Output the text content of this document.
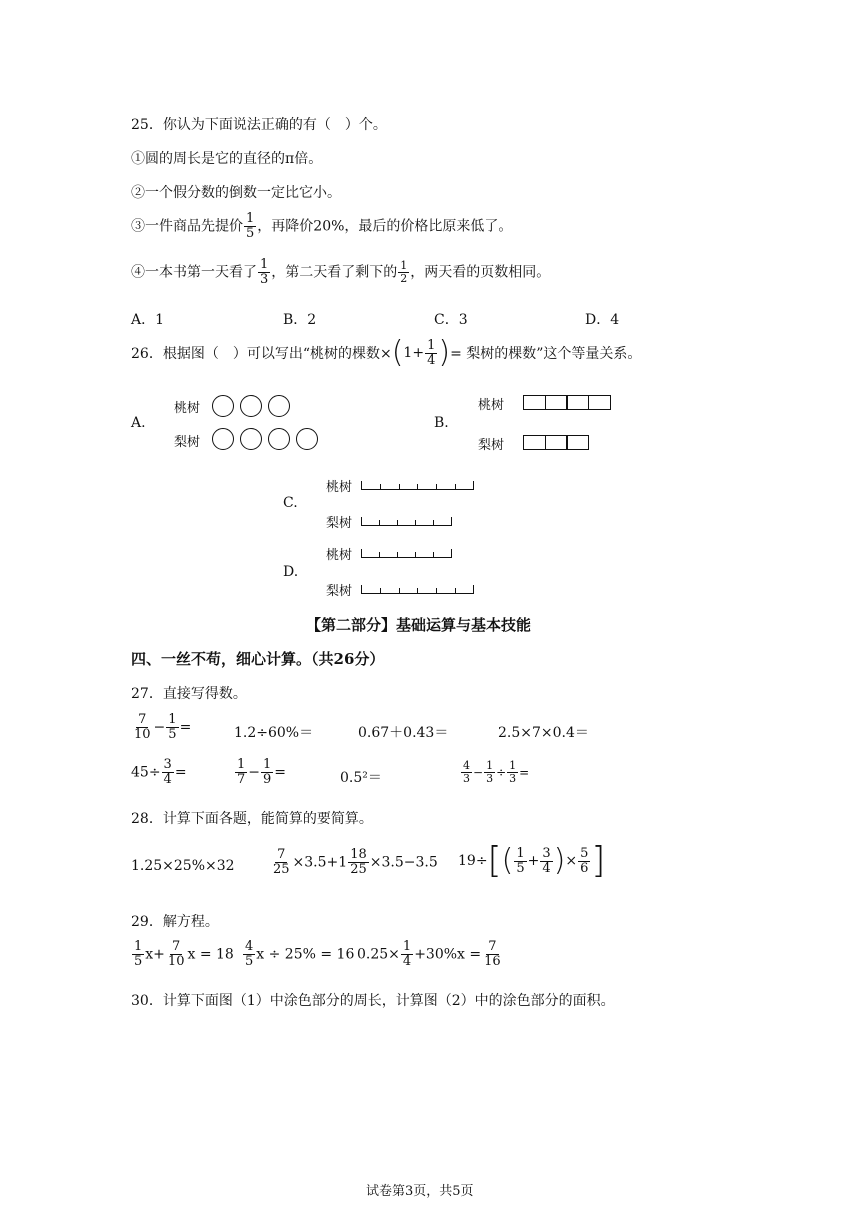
25．你认为下面说法正确的有（　）个。
①圆的周长是它的直径的π倍。
②一个假分数的倒数一定比它小。
③一件商品先提价 $\frac{1}{5}$ ，再降价20%，最后的价格比原来低了。
④一本书第一天看了 $\frac{1}{3}$ ，第二天看了剩下的 $\frac{1}{2}$ ，两天看的页数相同。
A．1	B．2	C．3	D．4
26．根据图（　）可以写出“桃树的棵数$\times(1+ \frac{1}{4}$ )= 梨树的棵数”这个等量关系。
A.
桃树
梨树
B.
桃树
梨树
C.
桃树
梨树
D.
桃树
梨树
【第二部分】基础运算与基本技能
四、一丝不苟，细心计算。（共26分）
27．直接写得数。
$\frac{7}{10} - \frac{1}{5}$ =	1.2÷60%＝	0.67＋0.43＝	2.5×7×0.4＝
$45\div \frac{3}{4}$ =	$\frac{1}{7} - \frac{1}{9}$ =	0.5²＝	$\frac{4}{3} - \frac{1}{3} \div \frac{1}{3}$ =
28．计算下面各题，能简算的要简算。
1.25×25%×32	$\frac{7}{25} \times 3.5+1 \frac{18}{25} \times 3.5-3.5$ $19\div[( \frac{1}{5} + \frac{3}{4}$ )× $\frac{5}{6}$ ]
29．解方程。
$\frac{1}{5} x+ \frac{7}{10}$ $x = 18 \frac{4}{5}$ x ÷ 25% = 16 $0.25\times \frac{1}{4} +30\%x = \frac{7}{16}$
30．计算下面图（1）中涂色部分的周长，计算图（2）中的涂色部分的面积。
试卷第3页，共5页
